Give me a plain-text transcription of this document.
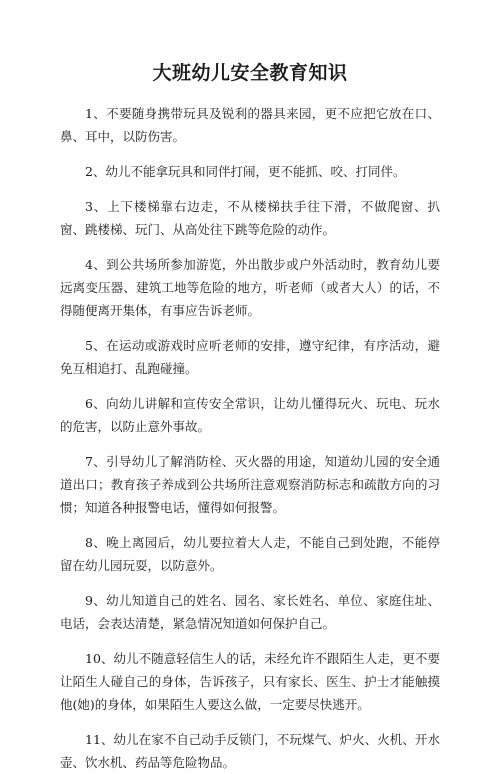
大班幼儿安全教育知识

1、不要随身携带玩具及锐利的器具来园，更不应把它放在口、鼻、耳中，以防伤害。

2、幼儿不能拿玩具和同伴打闹，更不能抓、咬、打同伴。

3、上下楼梯靠右边走，不从楼梯扶手往下滑，不做爬窗、扒窗、跳楼梯、玩门、从高处往下跳等危险的动作。

4、到公共场所参加游览，外出散步或户外活动时，教育幼儿要远离变压器、建筑工地等危险的地方，听老师（或者大人）的话，不得随便离开集体，有事应告诉老师。

5、在运动或游戏时应听老师的安排，遵守纪律，有序活动，避免互相追打、乱跑碰撞。

6、向幼儿讲解和宣传安全常识，让幼儿懂得玩火、玩电、玩水的危害，以防止意外事故。

7、引导幼儿了解消防栓、灭火器的用途，知道幼儿园的安全通道出口；教育孩子养成到公共场所注意观察消防标志和疏散方向的习惯；知道各种报警电话，懂得如何报警。

8、晚上离园后，幼儿要拉着大人走，不能自己到处跑，不能停留在幼儿园玩耍，以防意外。

9、幼儿知道自己的姓名、园名、家长姓名、单位、家庭住址、电话，会表达清楚，紧急情况知道如何保护自己。

10、幼儿不随意轻信生人的话，未经允许不跟陌生人走，更不要让陌生人碰自己的身体，告诉孩子，只有家长、医生、护士才能触摸他(她)的身体，如果陌生人要这么做，一定要尽快逃开。

11、幼儿在家不自己动手反锁门，不玩煤气、炉火、火机、开水壶、饮水机、药品等危险物品。
